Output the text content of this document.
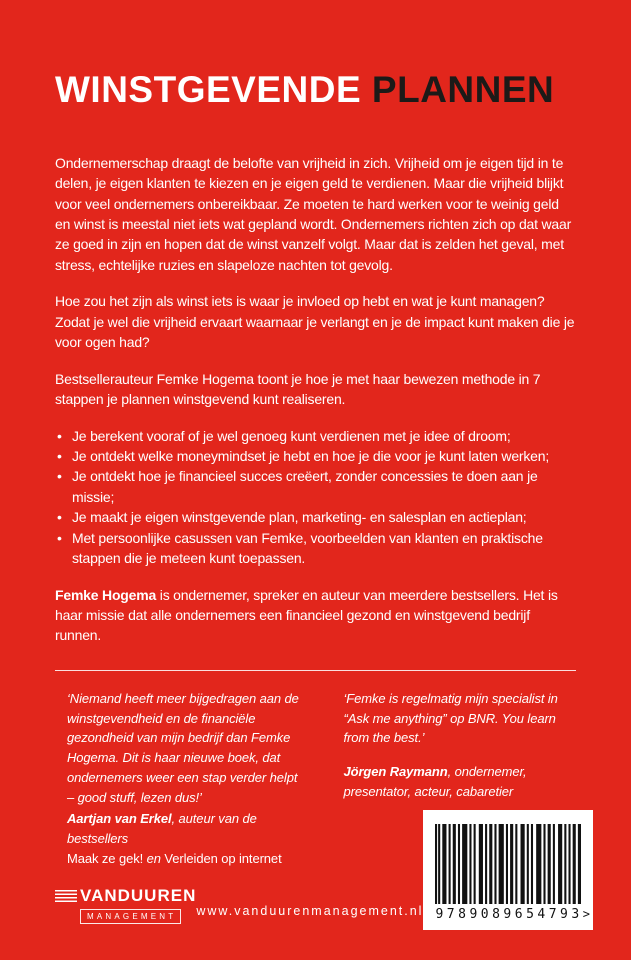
WINSTGEVENDE PLANNEN

Ondernemerschap draagt de belofte van vrijheid in zich. Vrijheid om je eigen tijd in te delen, je eigen klanten te kiezen en je eigen geld te verdienen. Maar die vrijheid blijkt voor veel ondernemers onbereikbaar. Ze moeten te hard werken voor te weinig geld en winst is meestal niet iets wat gepland wordt. Ondernemers richten zich op dat waar ze goed in zijn en hopen dat de winst vanzelf volgt. Maar dat is zelden het geval, met stress, echtelijke ruzies en slapeloze nachten tot gevolg.

Hoe zou het zijn als winst iets is waar je invloed op hebt en wat je kunt managen? Zodat je wel die vrijheid ervaart waarnaar je verlangt en je de impact kunt maken die je voor ogen had?

Bestsellerauteur Femke Hogema toont je hoe je met haar bewezen methode in 7 stappen je plannen winstgevend kunt realiseren.

• Je berekent vooraf of je wel genoeg kunt verdienen met je idee of droom;
• Je ontdekt welke moneymindset je hebt en hoe je die voor je kunt laten werken;
• Je ontdekt hoe je financieel succes creëert, zonder concessies te doen aan je missie;
• Je maakt je eigen winstgevende plan, marketing- en salesplan en actieplan;
• Met persoonlijke casussen van Femke, voorbeelden van klanten en praktische stappen die je meteen kunt toepassen.

Femke Hogema is ondernemer, spreker en auteur van meerdere bestsellers. Het is haar missie dat alle ondernemers een financieel gezond en winstgevend bedrijf runnen.

‘Niemand heeft meer bijgedragen aan de winstgevendheid en de financiële gezondheid van mijn bedrijf dan Femke Hogema. Dit is haar nieuwe boek, dat ondernemers weer een stap verder helpt – good stuff, lezen dus!’

Aartjan van Erkel, auteur van de bestsellers
Maak ze gek! en Verleiden op internet

‘Femke is regelmatig mijn specialist in “Ask me anything” op BNR. You learn from the best.’

Jörgen Raymann, ondernemer, presentator, acteur, cabaretier
VANDUUREN
MANAGEMENT	www.vanduurenmanagement.nl 9789089654793 >
